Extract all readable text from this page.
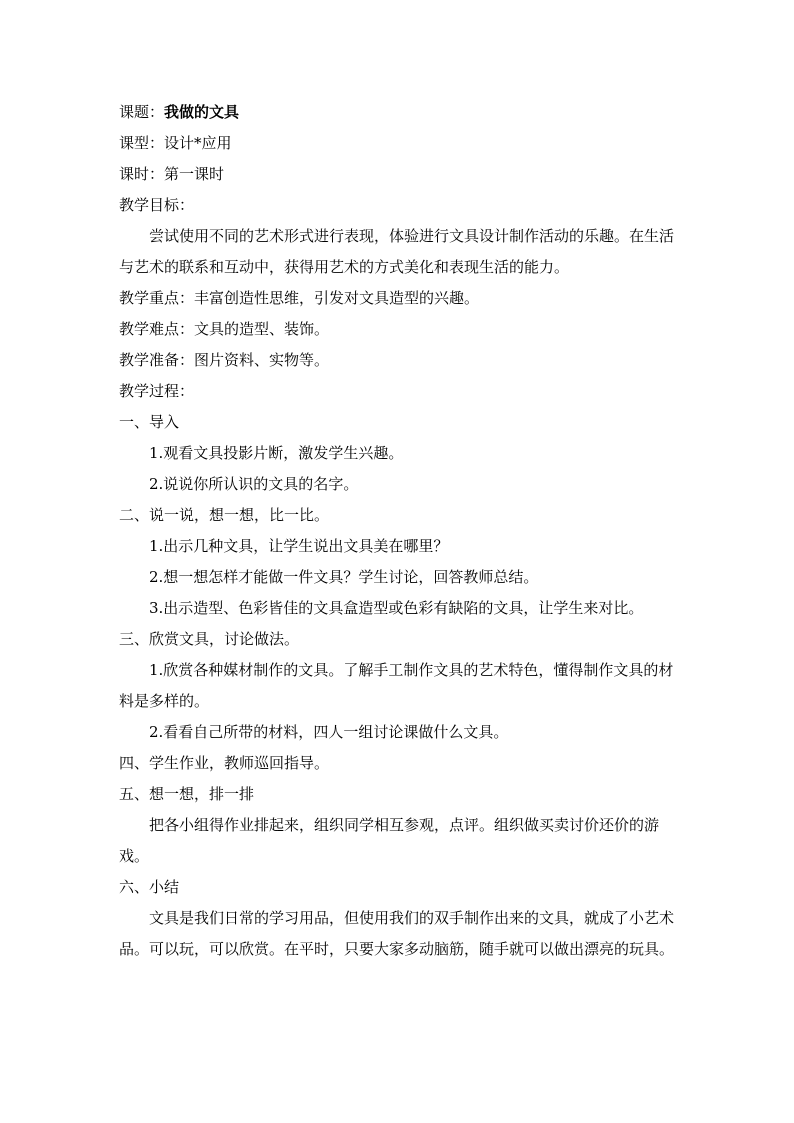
课题：我做的文具

课型：设计*应用

课时：第一课时

教学目标：

尝试使用不同的艺术形式进行表现，体验进行文具设计制作活动的乐趣。在生活与艺术的联系和互动中，获得用艺术的方式美化和表现生活的能力。

教学重点：丰富创造性思维，引发对文具造型的兴趣。

教学难点：文具的造型、装饰。

教学准备：图片资料、实物等。

教学过程：

一、导入

1.观看文具投影片断，激发学生兴趣。

2.说说你所认识的文具的名字。

二、说一说，想一想，比一比。

1.出示几种文具，让学生说出文具美在哪里？

2.想一想怎样才能做一件文具？学生讨论，回答教师总结。

3.出示造型、色彩皆佳的文具盒造型或色彩有缺陷的文具，让学生来对比。

三、欣赏文具，讨论做法。

1.欣赏各种媒材制作的文具。了解手工制作文具的艺术特色，懂得制作文具的材料是多样的。

2.看看自己所带的材料，四人一组讨论课做什么文具。

四、学生作业，教师巡回指导。

五、想一想，排一排

把各小组得作业排起来，组织同学相互参观，点评。组织做买卖讨价还价的游戏。

六、小结

文具是我们日常的学习用品，但使用我们的双手制作出来的文具，就成了小艺术品。可以玩，可以欣赏。在平时，只要大家多动脑筋，随手就可以做出漂亮的玩具。
